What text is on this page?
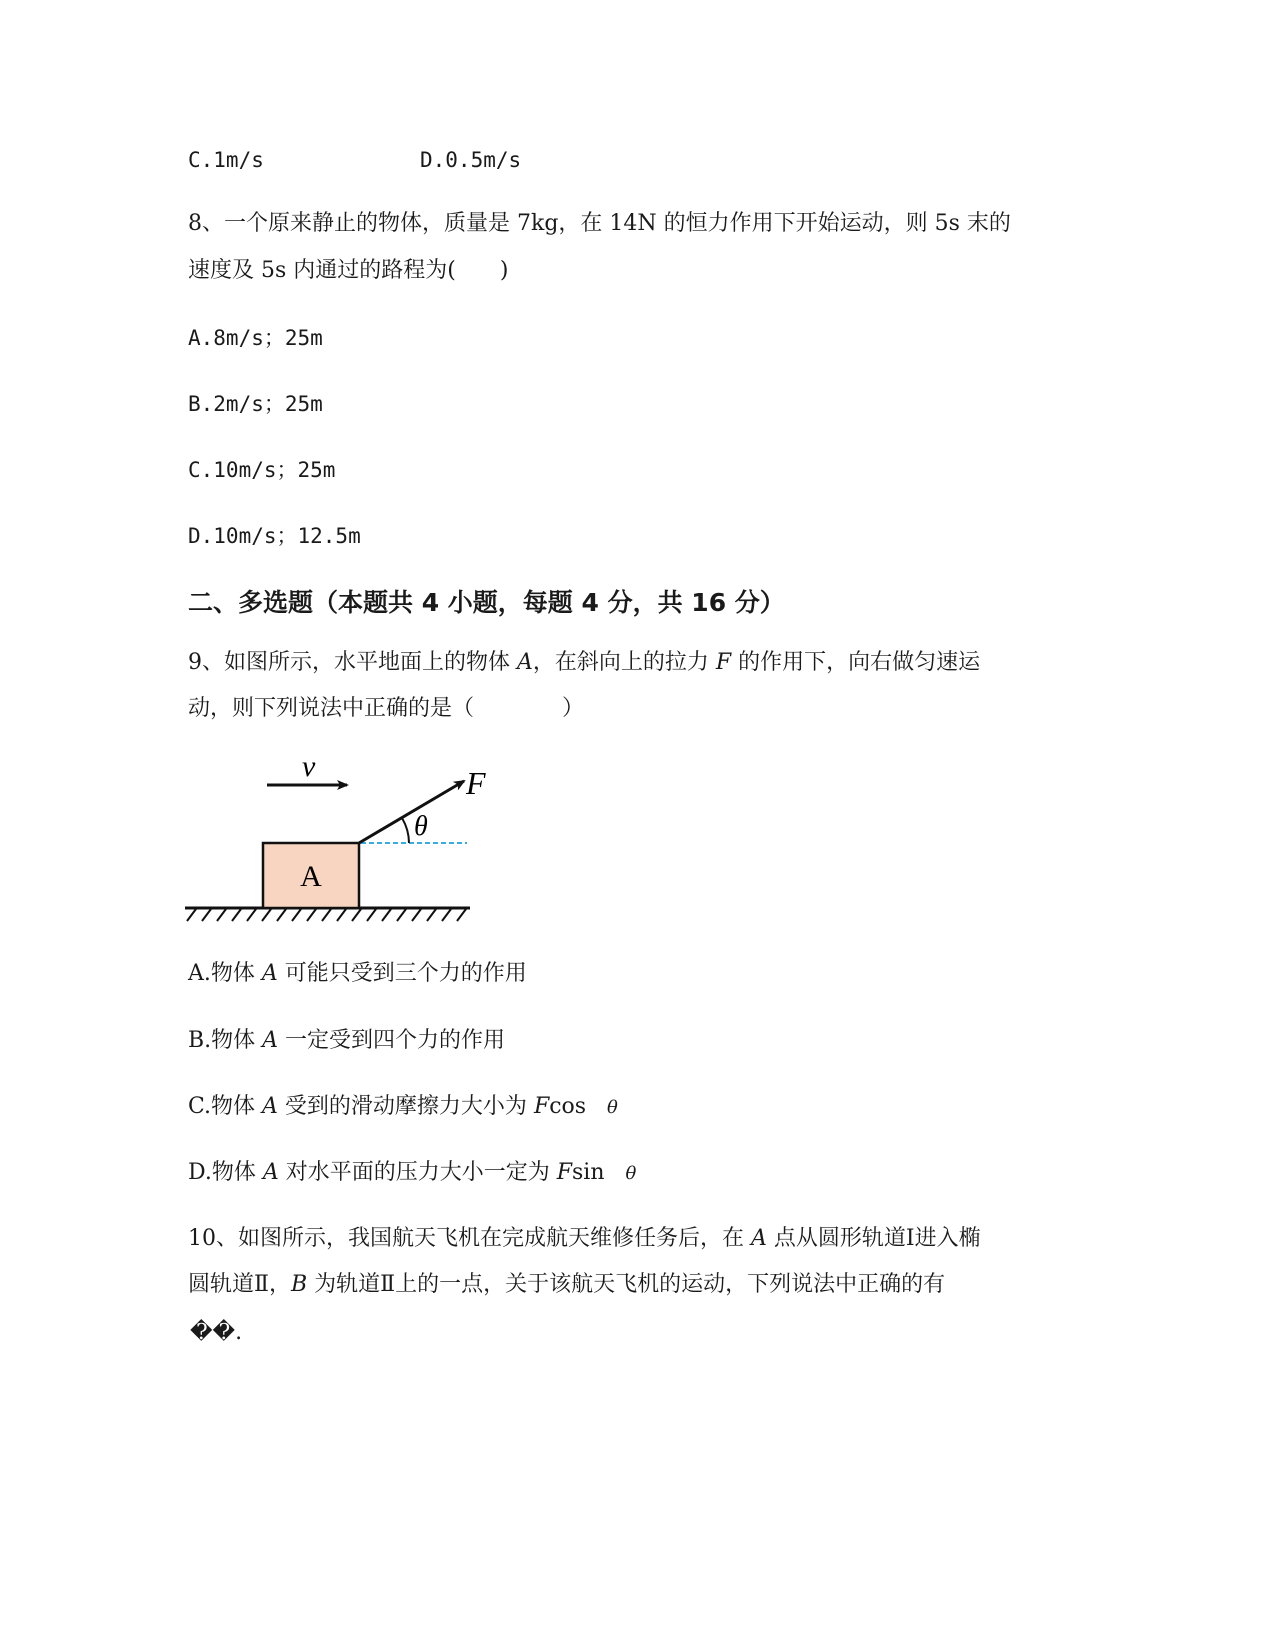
C.1m/s	D.0.5m/s
8、一个原来静止的物体，质量是 7kg，在 14N 的恒力作用下开始运动，则 5s 末的
速度及 5s 内通过的路程为(　　)
A.8m/s；25m
B.2m/s；25m
C.10m/s；25m
D.10m/s；12.5m
二、多选题（本题共 4 小题，每题 4 分，共 16 分）
9、如图所示，水平地面上的物体 A，在斜向上的拉力 F 的作用下，向右做匀速运
动，则下列说法中正确的是（　　　　）
v
A
F
θ
A.物体 A 可能只受到三个力的作用
B.物体 A 一定受到四个力的作用
C.物体 A 受到的滑动摩擦力大小为 Fcos θ
D.物体 A 对水平面的压力大小一定为 Fsin θ
10、如图所示，我国航天飞机在完成航天维修任务后，在 A 点从圆形轨道Ⅰ进入椭
圆轨道Ⅱ，B 为轨道Ⅱ上的一点，关于该航天飞机的运动，下列说法中正确的有
��.
